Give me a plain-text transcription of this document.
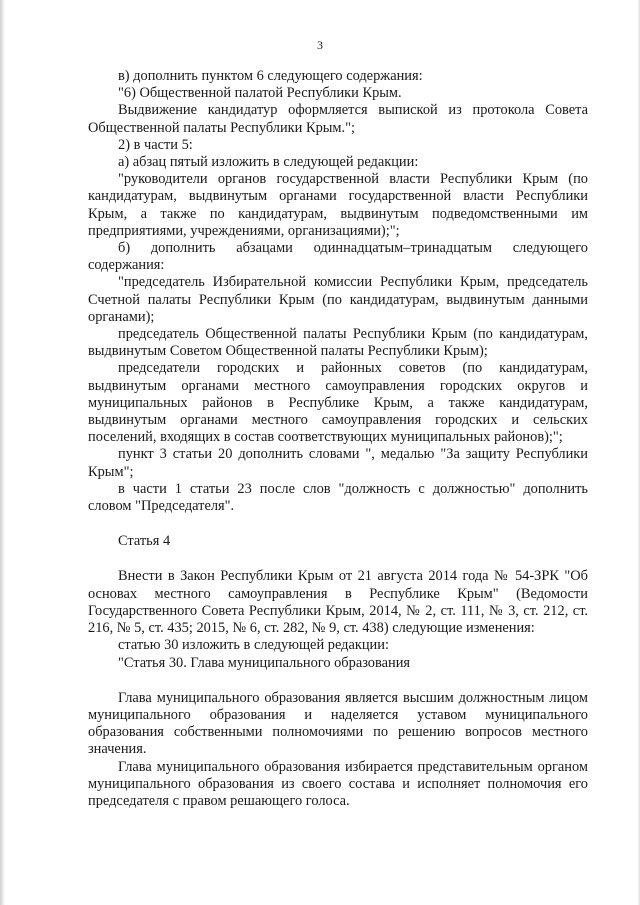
3

в) дополнить пунктом 6 следующего содержания:

"6) Общественной палатой Республики Крым.

Выдвижение кандидатур оформляется выпиской из протокола Совета Общественной палаты Республики Крым.";

2) в части 5:

а) абзац пятый изложить в следующей редакции:

"руководители органов государственной власти Республики Крым (по кандидатурам, выдвинутым органами государственной власти Республики Крым, а также по кандидатурам, выдвинутым подведомственными им предприятиями, учреждениями, организациями);";

б) дополнить абзацами одиннадцатым–тринадцатым следующего содержания:

"председатель Избирательной комиссии Республики Крым, председатель Счетной палаты Республики Крым (по кандидатурам, выдвинутым данными органами);

председатель Общественной палаты Республики Крым (по кандидатурам, выдвинутым Советом Общественной палаты Республики Крым);

председатели городских и районных советов (по кандидатурам, выдвинутым органами местного самоуправления городских округов и муниципальных районов в Республике Крым, а также кандидатурам, выдвинутым органами местного самоуправления городских и сельских поселений, входящих в состав соответствующих муниципальных районов);";

пункт 3 статьи 20 дополнить словами ", медалью "За защиту Республики Крым";

в части 1 статьи 23 после слов "должность с должностью" дополнить словом "Председателя".

Статья 4

Внести в Закон Республики Крым от 21 августа 2014 года № 54-ЗРК "Об основах местного самоуправления в Республике Крым" (Ведомости Государственного Совета Республики Крым, 2014, № 2, ст. 111, № 3, ст. 212, ст. 216, № 5, ст. 435; 2015, № 6, ст. 282, № 9, ст. 438) следующие изменения:

статью 30 изложить в следующей редакции:

"Статья 30. Глава муниципального образования

Глава муниципального образования является высшим должностным лицом муниципального образования и наделяется уставом муниципального образования собственными полномочиями по решению вопросов местного значения.

Глава муниципального образования избирается представительным органом муниципального образования из своего состава и исполняет полномочия его председателя с правом решающего голоса.
